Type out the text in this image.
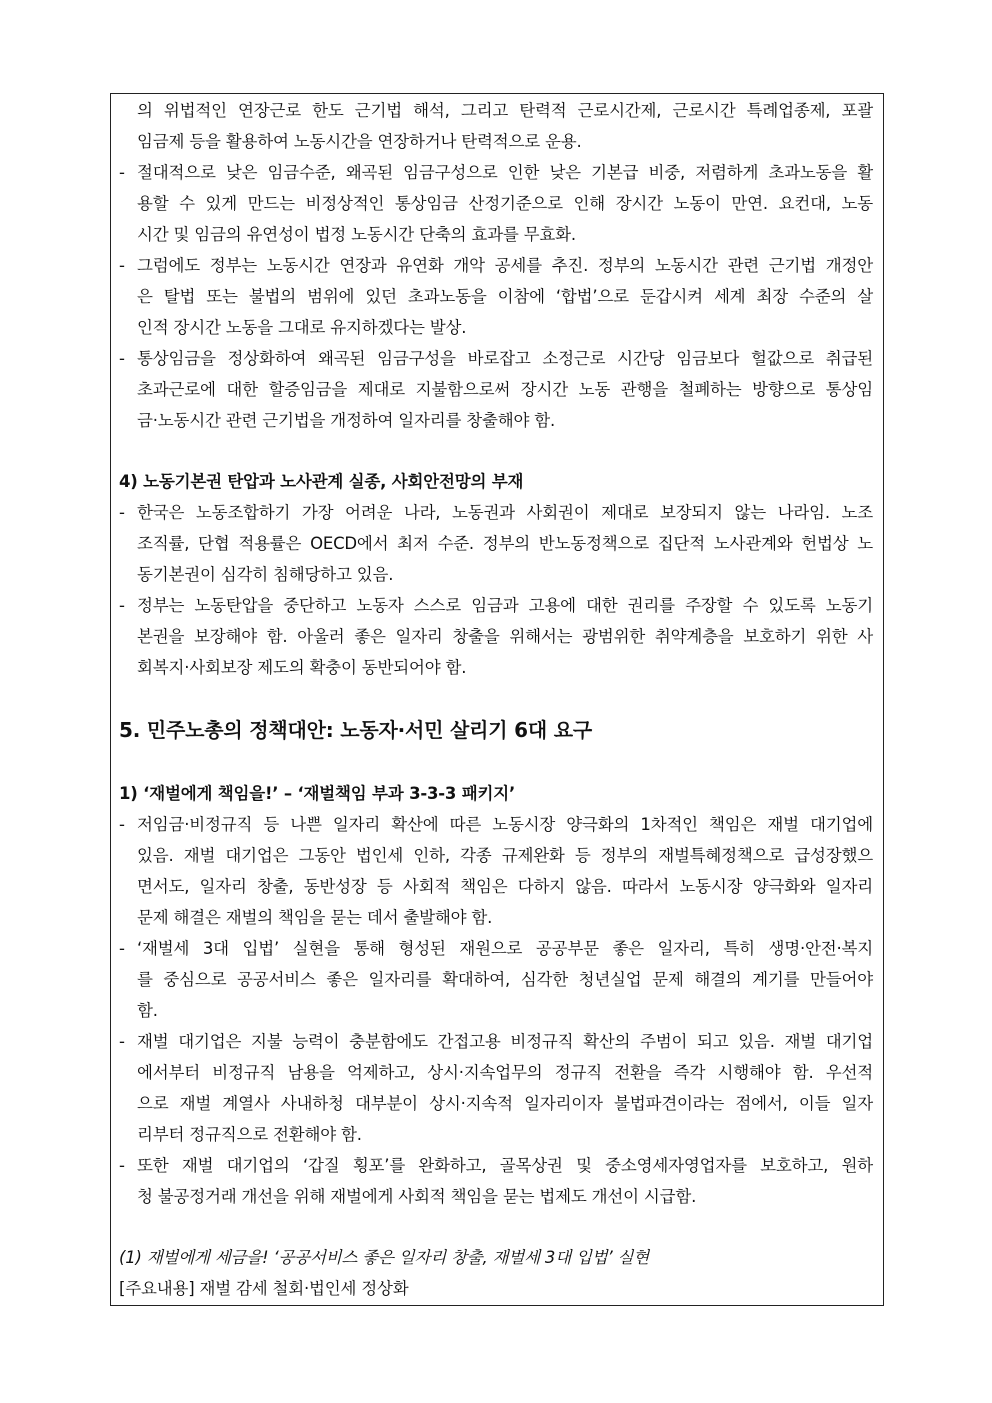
의 위법적인 연장근로 한도 근기법 해석, 그리고 탄력적 근로시간제, 근로시간 특례업종제, 포괄
임금제 등을 활용하여 노동시간을 연장하거나 탄력적으로 운용.
- 절대적으로 낮은 임금수준, 왜곡된 임금구성으로 인한 낮은 기본급 비중, 저렴하게 초과노동을 활
용할 수 있게 만드는 비정상적인 통상임금 산정기준으로 인해 장시간 노동이 만연. 요컨대, 노동
시간 및 임금의 유연성이 법정 노동시간 단축의 효과를 무효화.
- 그럼에도 정부는 노동시간 연장과 유연화 개악 공세를 추진. 정부의 노동시간 관련 근기법 개정안
은 탈법 또는 불법의 범위에 있던 초과노동을 이참에 ‘합법’으로 둔갑시켜 세계 최장 수준의 살
인적 장시간 노동을 그대로 유지하겠다는 발상.
- 통상임금을 정상화하여 왜곡된 임금구성을 바로잡고 소정근로 시간당 임금보다 헐값으로 취급된
초과근로에 대한 할증임금을 제대로 지불함으로써 장시간 노동 관행을 철폐하는 방향으로 통상임
금·노동시간 관련 근기법을 개정하여 일자리를 창출해야 함.
4) 노동기본권 탄압과 노사관계 실종, 사회안전망의 부재
- 한국은 노동조합하기 가장 어려운 나라, 노동권과 사회권이 제대로 보장되지 않는 나라임. 노조
조직률, 단협 적용률은 OECD에서 최저 수준. 정부의 반노동정책으로 집단적 노사관계와 헌법상 노
동기본권이 심각히 침해당하고 있음.
- 정부는 노동탄압을 중단하고 노동자 스스로 임금과 고용에 대한 권리를 주장할 수 있도록 노동기
본권을 보장해야 함. 아울러 좋은 일자리 창출을 위해서는 광범위한 취약계층을 보호하기 위한 사
회복지·사회보장 제도의 확충이 동반되어야 함.
5. 민주노총의 정책대안: 노동자·서민 살리기 6대 요구
1) ‘재벌에게 책임을!’ – ‘재벌책임 부과 3-3-3 패키지’
- 저임금·비정규직 등 나쁜 일자리 확산에 따른 노동시장 양극화의 1차적인 책임은 재벌 대기업에
있음. 재벌 대기업은 그동안 법인세 인하, 각종 규제완화 등 정부의 재벌특혜정책으로 급성장했으
면서도, 일자리 창출, 동반성장 등 사회적 책임은 다하지 않음. 따라서 노동시장 양극화와 일자리
문제 해결은 재벌의 책임을 묻는 데서 출발해야 함.
- ‘재벌세 3대 입법’ 실현을 통해 형성된 재원으로 공공부문 좋은 일자리, 특히 생명·안전·복지
를 중심으로 공공서비스 좋은 일자리를 확대하여, 심각한 청년실업 문제 해결의 계기를 만들어야
함.
- 재벌 대기업은 지불 능력이 충분함에도 간접고용 비정규직 확산의 주범이 되고 있음. 재벌 대기업
에서부터 비정규직 남용을 억제하고, 상시·지속업무의 정규직 전환을 즉각 시행해야 함. 우선적
으로 재벌 계열사 사내하청 대부분이 상시·지속적 일자리이자 불법파견이라는 점에서, 이들 일자
리부터 정규직으로 전환해야 함.
- 또한 재벌 대기업의 ‘갑질 횡포’를 완화하고, 골목상권 및 중소영세자영업자를 보호하고, 원하
청 불공정거래 개선을 위해 재벌에게 사회적 책임을 묻는 법제도 개선이 시급함.
(1) 재벌에게 세금을! ‘공공서비스 좋은 일자리 창출, 재벌세 3대 입법’ 실현
[주요내용] 재벌 감세 철회·법인세 정상화
